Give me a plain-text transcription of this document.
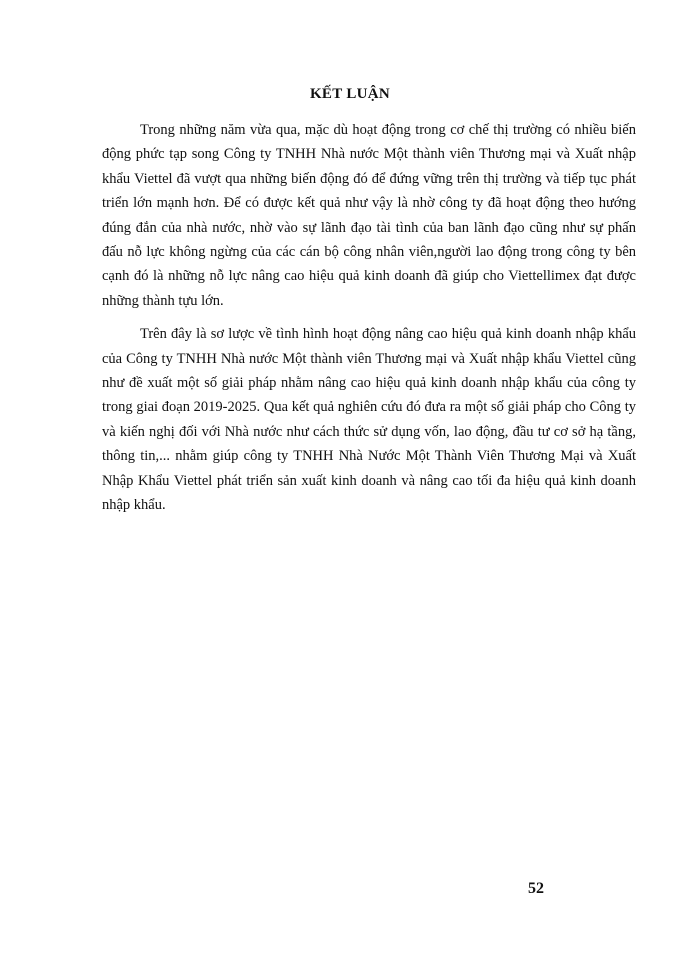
KẾT LUẬN

Trong những năm vừa qua, mặc dù hoạt động trong cơ chế thị trường có nhiều biến động phức tạp song Công ty TNHH Nhà nước Một thành viên Thương mại và Xuất nhập khẩu Viettel đã vượt qua những biến động đó để đứng vững trên thị trường và tiếp tục phát triển lớn mạnh hơn. Để có được kết quả như vậy là nhờ công ty đã hoạt động theo hướng đúng đắn của nhà nước, nhờ vào sự lãnh đạo tài tình của ban lãnh đạo cũng như sự phấn đấu nỗ lực không ngừng của các cán bộ công nhân viên,người lao động trong công ty bên cạnh đó là những nỗ lực nâng cao hiệu quả kinh doanh đã giúp cho Viettellimex đạt được những thành tựu lớn.

Trên đây là sơ lược về tình hình hoạt động nâng cao hiệu quả kinh doanh nhập khẩu của Công ty TNHH Nhà nước Một thành viên Thương mại và Xuất nhập khẩu Viettel cũng như đề xuất một số giải pháp nhằm nâng cao hiệu quả kinh doanh nhập khẩu của công ty trong giai đoạn 2019-2025. Qua kết quả nghiên cứu đó đưa ra một số giải pháp cho Công ty và kiến nghị đối với Nhà nước như cách thức sử dụng vốn, lao động, đầu tư cơ sở hạ tầng, thông tin,... nhằm giúp công ty TNHH Nhà Nước Một Thành Viên Thương Mại và Xuất Nhập Khẩu Viettel phát triển sản xuất kinh doanh và nâng cao tối đa hiệu quả kinh doanh nhập khẩu.

52
